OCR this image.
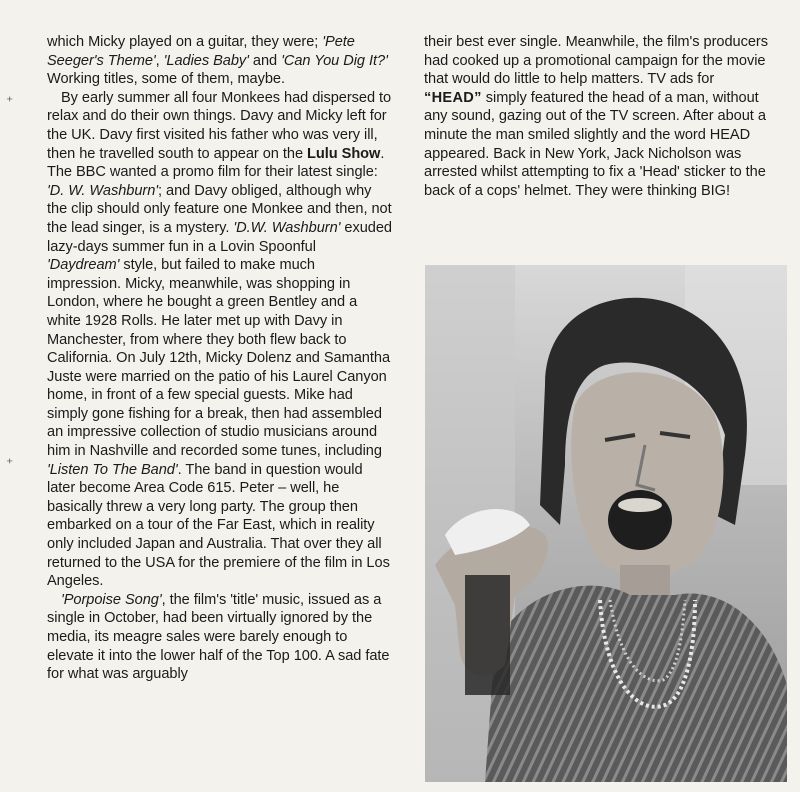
which Micky played on a guitar, they were; 'Pete Seeger's Theme', 'Ladies Baby' and 'Can You Dig It?' Working titles, some of them, maybe.

By early summer all four Monkees had dispersed to relax and do their own things. Davy and Micky left for the UK. Davy first visited his father who was very ill, then he travelled south to appear on the Lulu Show. The BBC wanted a promo film for their latest single: 'D. W. Washburn'; and Davy obliged, although why the clip should only feature one Monkee and then, not the lead singer, is a mystery. 'D.W. Washburn' exuded lazy-days summer fun in a Lovin Spoonful 'Daydream' style, but failed to make much impression. Micky, meanwhile, was shopping in London, where he bought a green Bentley and a white 1928 Rolls. He later met up with Davy in Manchester, from where they both flew back to California. On July 12th, Micky Dolenz and Samantha Juste were married on the patio of his Laurel Canyon home, in front of a few special guests. Mike had simply gone fishing for a break, then had assembled an impressive collection of studio musicians around him in Nashville and recorded some tunes, including 'Listen To The Band'. The band in question would later become Area Code 615. Peter – well, he basically threw a very long party. The group then embarked on a tour of the Far East, which in reality only included Japan and Australia. That over they all returned to the USA for the premiere of the film in Los Angeles.

'Porpoise Song', the film's 'title' music, issued as a single in October, had been virtually ignored by the media, its meagre sales were barely enough to elevate it into the lower half of the Top 100. A sad fate for what was arguably

their best ever single. Meanwhile, the film's producers had cooked up a promotional campaign for the movie that would do little to help matters. TV ads for “HEAD” simply featured the head of a man, without any sound, gazing out of the TV screen. After about a minute the man smiled slightly and the word HEAD appeared. Back in New York, Jack Nicholson was arrested whilst attempting to fix a 'Head' sticker to the back of a cops' helmet. They were thinking BIG!

⁺
⁺
